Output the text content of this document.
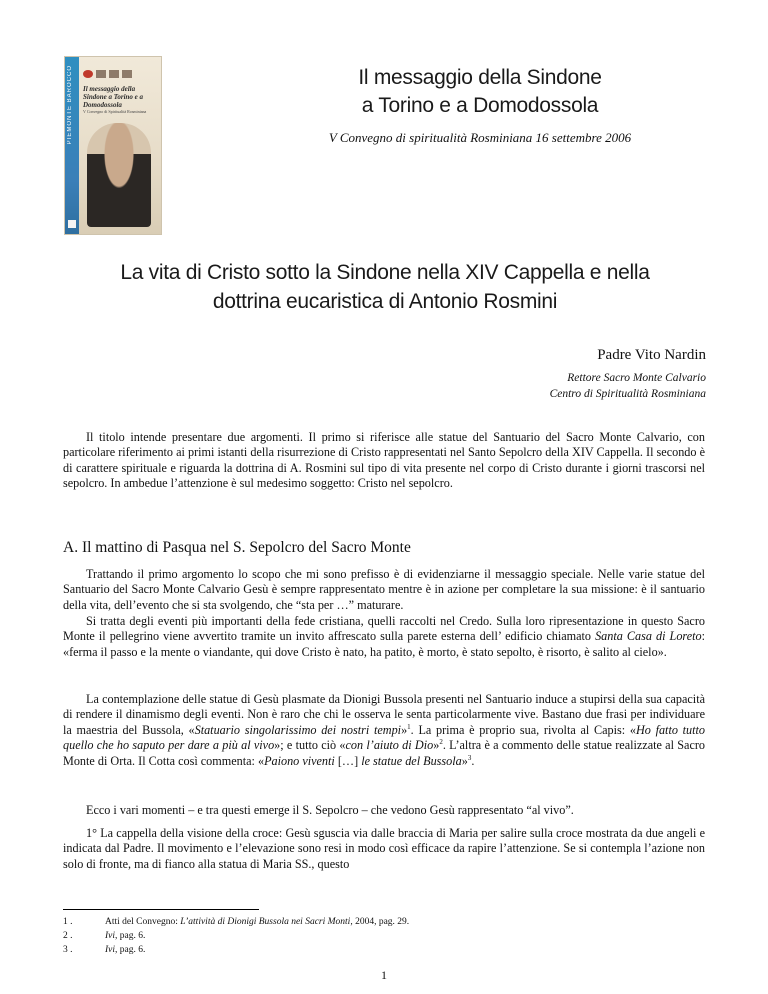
PIEMONTE BAROCCO	Il messaggio della Sindone a Torino e a Domodossola
V Convegno di Spiritualità Rosminiana
Il messaggio della Sindone
a Torino e a Domodossola
V Convegno di spiritualità Rosminiana 16 settembre 2006
La vita di Cristo sotto la Sindone nella XIV Cappella e nella
dottrina eucaristica di Antonio Rosmini
Padre Vito Nardin
Rettore Sacro Monte Calvario
Centro di Spiritualità Rosminiana

Il titolo intende presentare due argomenti. Il primo si riferisce alle statue del Santuario del Sacro Monte Calvario, con particolare riferimento ai primi istanti della risurrezione di Cristo rappresentati nel Santo Sepolcro della XIV Cappella. Il secondo è di carattere spirituale e riguarda la dottrina di A. Rosmini sul tipo di vita presente nel corpo di Cristo durante i giorni trascorsi nel sepolcro. In ambedue l’attenzione è sul medesimo soggetto: Cristo nel sepolcro.

A. Il mattino di Pasqua nel S. Sepolcro del Sacro Monte

Trattando il primo argomento lo scopo che mi sono prefisso è di evidenziarne il messaggio speciale. Nelle varie statue del Santuario del Sacro Monte Calvario Gesù è sempre rappresentato mentre è in azione per completare la sua missione: è il santuario della vita, dell’evento che si sta svolgendo, che “sta per …” maturare.

Si tratta degli eventi più importanti della fede cristiana, quelli raccolti nel Credo. Sulla loro ripresentazione in questo Sacro Monte il pellegrino viene avvertito tramite un invito affrescato sulla parete esterna dell’ edificio chiamato Santa Casa di Loreto: «ferma il passo e la mente o viandante, qui dove Cristo è nato, ha patito, è morto, è stato sepolto, è risorto, è salito al cielo».

La contemplazione delle statue di Gesù plasmate da Dionigi Bussola presenti nel Santuario induce a stupirsi della sua capacità di rendere il dinamismo degli eventi. Non è raro che chi le osserva le senta particolarmente vive. Bastano due frasi per individuare la maestria del Bussola, «Statuario singolarissimo dei nostri tempi»$^1$. La prima è proprio sua, rivolta al Capis: «Ho fatto tutto quello che ho saputo per dare a più al vivo»; e tutto ciò «con l’aiuto di Dio»$^2$. L’altra è a commento delle statue realizzate al Sacro Monte di Orta. Il Cotta così commenta: «Paiono viventi […] le statue del Bussola»$^3$.

Ecco i vari momenti – e tra questi emerge il S. Sepolcro – che vedono Gesù rappresentato “al vivo”.

1° La cappella della visione della croce: Gesù sguscia via dalle braccia di Maria per salire sulla croce mostrata da due angeli e indicata dal Padre. Il movimento e l’elevazione sono resi in modo così efficace da rapire l’attenzione. Se si contempla l’azione non solo di fronte, ma di fianco alla statua di Maria SS., questo

1 .	Atti del Convegno: L’attività di Dionigi Bussola nei Sacri Monti, 2004, pag. 29.
2 .	Ivi, pag. 6.
3 .	Ivi, pag. 6.
1
